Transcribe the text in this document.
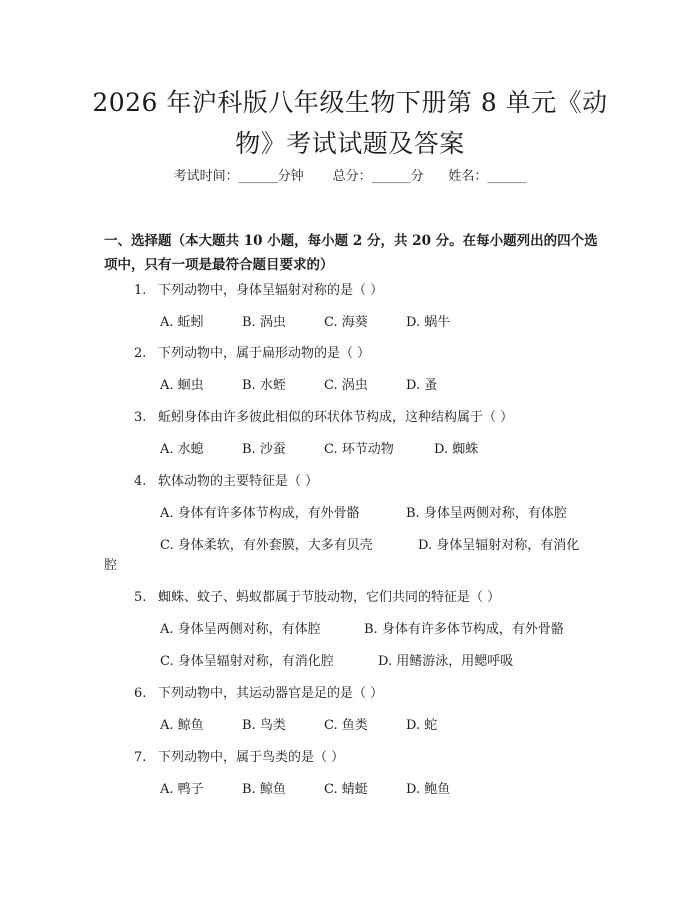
2026 年沪科版八年级生物下册第 8 单元《动
物》考试试题及答案
考试时间：______分钟 总分：______分 姓名：______
一、选择题（本大题共 10 小题，每小题 2 分，共 20 分。在每小题列出的四个选
项中，只有一项是最符合题目要求的）
1. 下列动物中，身体呈辐射对称的是（ ）
A. 蚯蚓	B. 涡虫	C. 海葵	D. 蜗牛
2. 下列动物中，属于扁形动物的是（ ）
A. 蛔虫	B. 水蛭	C. 涡虫	D. 蚤
3. 蚯蚓身体由许多彼此相似的环状体节构成，这种结构属于（ ）
A. 水螅	B. 沙蚕	C. 环节动物	D. 蜘蛛
4. 软体动物的主要特征是（ ）
A. 身体有许多体节构成，有外骨骼	B. 身体呈两侧对称，有体腔
C. 身体柔软，有外套膜，大多有贝壳	D. 身体呈辐射对称，有消化
腔
5. 蜘蛛、蚊子、蚂蚁都属于节肢动物，它们共同的特征是（ ）
A. 身体呈两侧对称，有体腔	B. 身体有许多体节构成，有外骨骼
C. 身体呈辐射对称，有消化腔	D. 用鳍游泳，用鳃呼吸
6. 下列动物中，其运动器官是足的是（ ）
A. 鲸鱼	B. 鸟类	C. 鱼类	D. 蛇
7. 下列动物中，属于鸟类的是（ ）
A. 鸭子	B. 鲸鱼	C. 蜻蜓	D. 鲍鱼
